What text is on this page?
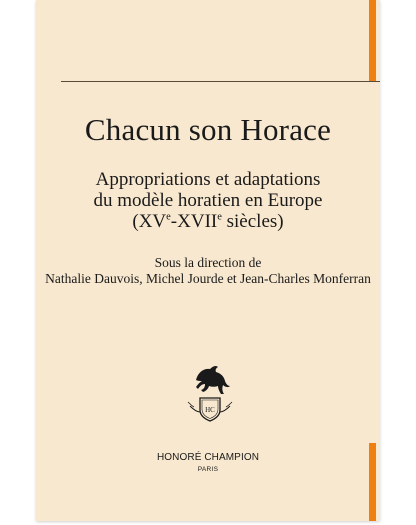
Chacun son Horace
Appropriations et adaptations
du modèle horatien en Europe
(XVe-XVIIe siècles)
Sous la direction de
Nathalie Dauvois, Michel Jourde et Jean-Charles Monferran
HC
HONORÉ CHAMPION
PARIS
